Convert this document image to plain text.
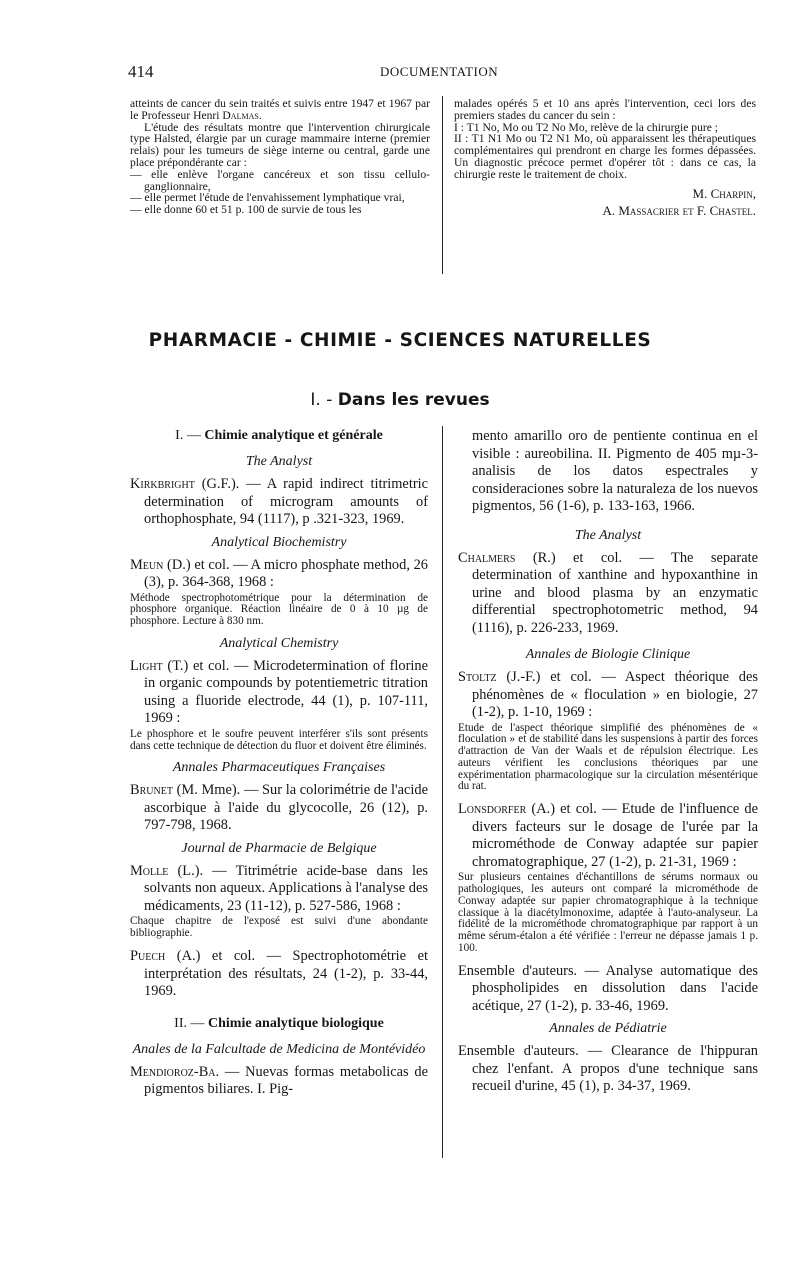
414	DOCUMENTATION

atteints de cancer du sein traités et suivis entre 1947 et 1967 par le Professeur Henri Dalmas.

L'étude des résultats montre que l'intervention chirurgicale type Halsted, élargie par un curage mammaire interne (premier relais) pour les tumeurs de siège interne ou central, garde une place prépondérante car :

— elle enlève l'organe cancéreux et son tissu cellulo-ganglionnaire,

— elle permet l'étude de l'envahissement lymphatique vrai,

— elle donne 60 et 51 p. 100 de survie de tous les

malades opérés 5 et 10 ans après l'intervention, ceci lors des premiers stades du cancer du sein :

I : T1 No, Mo ou T2 No Mo, relève de la chirurgie pure ;

II : T1 N1 Mo ou T2 N1 Mo, où apparaissent les thérapeutiques complémentaires qui prendront en charge les formes dépassées. Un diagnostic précoce permet d'opérer tôt : dans ce cas, la chirurgie reste le traitement de choix.

M. Charpin,
A. Massacrier et F. Chastel.
PHARMACIE - CHIMIE - SCIENCES NATURELLES
I. - Dans les revues
I. — Chimie analytique et générale
The Analyst
Kirkbright (G.F.). — A rapid indirect titrimetric determination of microgram amounts of orthophosphate, 94 (1117), p .321-323, 1969.
Analytical Biochemistry
Meun (D.) et col. — A micro phosphate method, 26 (3), p. 364-368, 1968 :
Méthode spectrophotométrique pour la détermination de phosphore organique. Réaction linéaire de 0 à 10 µg de phosphore. Lecture à 830 nm.
Analytical Chemistry
Light (T.) et col. — Microdetermination of florine in organic compounds by potentiemetric titration using a fluoride electrode, 44 (1), p. 107-111, 1969 :
Le phosphore et le soufre peuvent interférer s'ils sont présents dans cette technique de détection du fluor et doivent être éliminés.
Annales Pharmaceutiques Françaises
Brunet (M. Mme). — Sur la colorimétrie de l'acide ascorbique à l'aide du glycocolle, 26 (12), p. 797-798, 1968.
Journal de Pharmacie de Belgique
Molle (L.). — Titrimétrie acide-base dans les solvants non aqueux. Applications à l'analyse des médicaments, 23 (11-12), p. 527-586, 1968 :
Chaque chapitre de l'exposé est suivi d'une abondante bibliographie.
Puech (A.) et col. — Spectrophotométrie et interprétation des résultats, 24 (1-2), p. 33-44, 1969.
II. — Chimie analytique biologique
Anales de la Falcultade de Medicina de Montévidéo
Mendioroz-Ba. — Nuevas formas metabolicas de pigmentos biliares. I. Pig-
mento amarillo oro de pentiente continua en el visible : aureobilina. II. Pigmento de 405 mµ-3-analisis de los datos espectrales y consideraciones sobre la naturaleza de los nuevos pigmentos, 56 (1-6), p. 133-163, 1966.
The Analyst
Chalmers (R.) et col. — The separate determination of xanthine and hypoxanthine in urine and blood plasma by an enzymatic differential spectrophotometric method, 94 (1116), p. 226-233, 1969.
Annales de Biologie Clinique
Stoltz (J.-F.) et col. — Aspect théorique des phénomènes de « floculation » en biologie, 27 (1-2), p. 1-10, 1969 :
Etude de l'aspect théorique simplifié des phénomènes de « floculation » et de stabilité dans les suspensions à partir des forces d'attraction de Van der Waals et de répulsion électrique. Les auteurs vérifient les conclusions théoriques par une expérimentation pharmacologique sur la circulation mésentérique du rat.
Lonsdorfer (A.) et col. — Etude de l'influence de divers facteurs sur le dosage de l'urée par la microméthode de Conway adaptée sur papier chromatographique, 27 (1-2), p. 21-31, 1969 :
Sur plusieurs centaines d'échantillons de sérums normaux ou pathologiques, les auteurs ont comparé la microméthode de Conway adaptée sur papier chromatographique à la technique classique à la diacétylmonoxime, adaptée à l'auto-analyseur. La fidélité de la microméthode chromatographique par rapport à un même sérum-étalon a été vérifiée : l'erreur ne dépasse jamais 1 p. 100.
Ensemble d'auteurs. — Analyse automatique des phospholipides en dissolution dans l'acide acétique, 27 (1-2), p. 33-46, 1969.
Annales de Pédiatrie
Ensemble d'auteurs. — Clearance de l'hippuran chez l'enfant. A propos d'une technique sans recueil d'urine, 45 (1), p. 34-37, 1969.
